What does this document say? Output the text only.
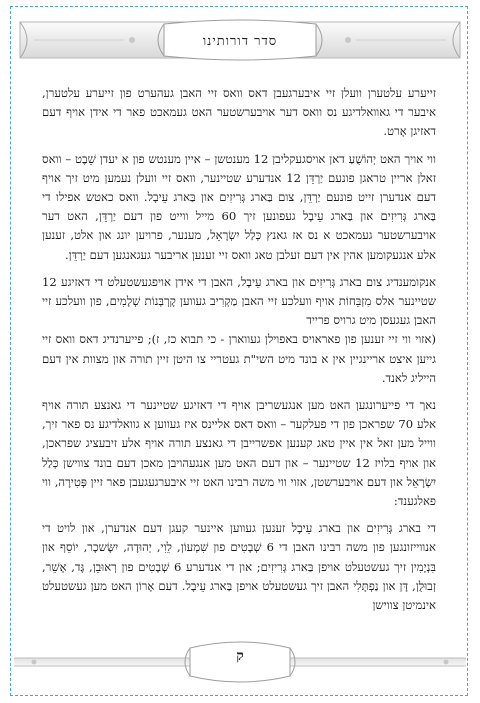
סדר דורותינו

זייערע עלטערן וועלן זיי איבערגעבן דאס וואס זיי האבן געהערט פון זייערע עלטערן, איבער די גאוואלדיגע נס וואס דער אויבערשטער האט געמאכט פאר די אידן אויף דעם דאזיגן אָרט.

ווי אויך האט יְהוֹשֻׁעַ דאן אויסגעקליבן 12 מענטשן – איין מענטש פון א יעדן שֵׁבֶט – וואס זאלן אריין טראגן פונעם יַרְדֵּן 12 אנדערע שטיינער, וואס זיי וועלן נעמען מיט זיך אויף דעם אנדערן זייט פונעם יַרְדֵּן, צום בַּארג גְּרִיזִים און בַּארג עֵיבָל. וואס כאטש אפילו די בַּארג גְּרִיזִים און בַּארג עֵיבָל געפונען זיך 60 מייל ווייט פון דעם יַרְדֵּן, האט דער אויבערשטער געמאכט א נס אז גאנץ כְּלַל יִשְׂרָאֵל, מענער, פרויען יונג און אלט, זענען אלע אנגעקומען אהין אין דעם זעלבן טאג וואס זיי זענען אריבער געגאנגען דעם יַרְדֵּן.

אנקומענדיג צום בארג גְּרִיזִים און בארג עֵיבָל, האבן די אידן אויפגעשטעלט די דאזיגע 12 שטיינער אלס מִזְבֵּחוֹת אויף וועלכע זיי האבן מַקְרִיב געווען קָרְבְּנוֹת שְׁלָמִים, פון וועלכע זיי האבן געגעסן מיט גרויס פרייד

(אזוי ווי זיי זענען פון פאראויס באפוילן געווארן - כי תבוא כז, ז); פייערנדיג דאס וואס זיי גייען איצט אריינגיין אין א בונד מיט השי"ת געטריי צו היטן זיין תורה און מצוות אין דעם הייליג לאנד.

נאך די פייערונגען האט מען אנגעשריבן אויף די דאזיגע שטיינער די גאנצע תורה אויף אלע 70 שפראכן פון די פעלקער – וואס דאס אליינס איז געווען א גוואלדיגע נס פאר זיך, ווייל מען זאל אין איין טאג קענען אפשרייבן די גאנצע תורה אויף אלע זיבעציג שפראכן, און אויף בלויז 12 שטיינער – און דעם האט מען אנגעהויבן מאכן דעם בונד צווישן כְּלַל יִשְׂרָאֵל און דעם אויבערשטן, אזוי ווי משה רבינו האט זיי איבערגעגעבן פאר זיין פְּטִירָה, ווי פאלגענד:

די בארג גְּרִיזִים און בארג עֵיבָל זענען געווען איינער קעגן דעם אנדערן, און לויט די אנווייזונגען פון משה רבינו האבן די 6 שְׁבָטִים פון שִׁמְעוֹן, לֵוִי, יְהוּדָה, יִשָּׂשכָר, יוֹסֵף און בִּנְיָמִין זיך געשטעלט אויפן בַּארג גְּרִיזִים; און די אנדערע 6 שְׁבָטִים פון רְאוּבֵן, גָּד, אָשֵׁר, זְבוּלֻן, דָּן און נַפְתָּלִי האבן זיך געשטעלט אויפן בַּארג עֵיבָל. דעם אָרוֹן האט מען געשטעלט אינמיטן צווישן

ק
